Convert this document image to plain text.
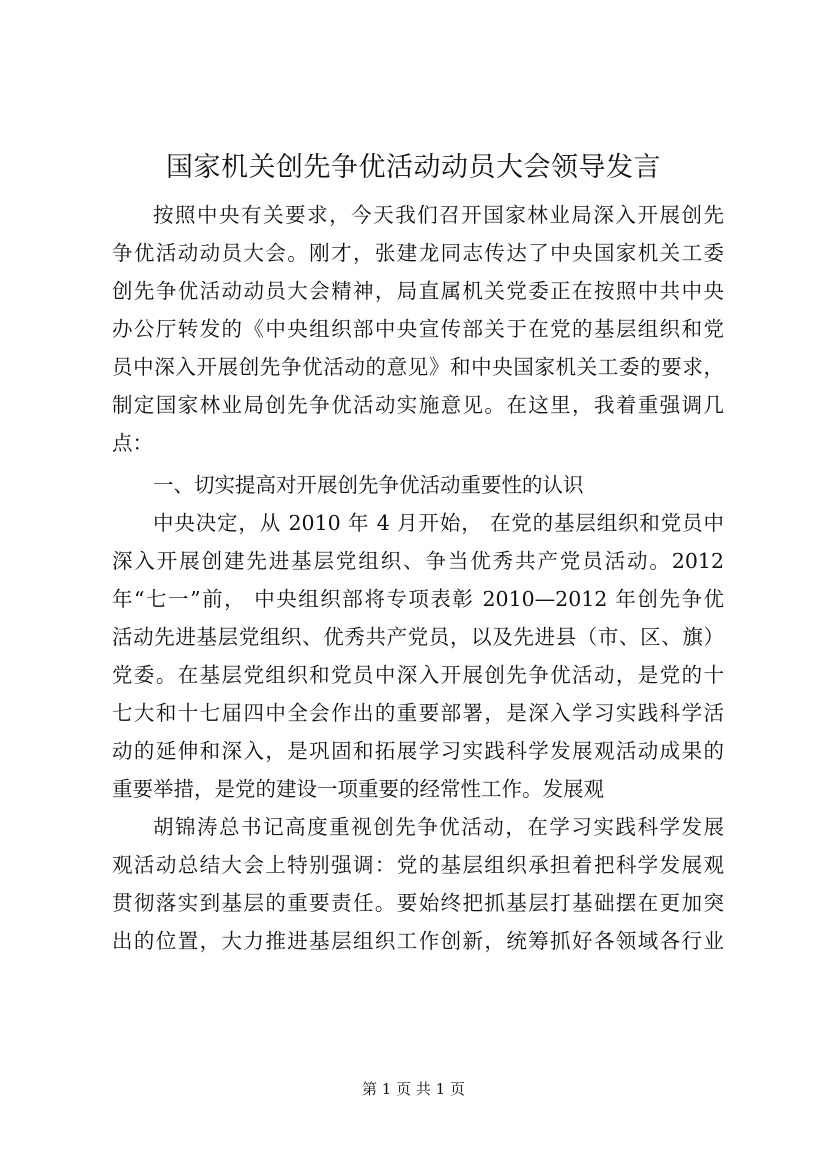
国家机关创先争优活动动员大会领导发言
按照中央有关要求，今天我们召开国家林业局深入开展创先
争优活动动员大会。刚才，张建龙同志传达了中央国家机关工委
创先争优活动动员大会精神，局直属机关党委正在按照中共中央
办公厅转发的《中央组织部中央宣传部关于在党的基层组织和党
员中深入开展创先争优活动的意见》和中央国家机关工委的要求，
制定国家林业局创先争优活动实施意见。在这里，我着重强调几
点：
一、切实提高对开展创先争优活动重要性的认识
中央决定，从 2010 年 4 月开始， 在党的基层组织和党员中
深入开展创建先进基层党组织、争当优秀共产党员活动。2012
年“七一”前， 中央组织部将专项表彰 2010—2012 年创先争优
活动先进基层党组织、优秀共产党员，以及先进县（市、区、旗）
党委。在基层党组织和党员中深入开展创先争优活动，是党的十
七大和十七届四中全会作出的重要部署，是深入学习实践科学活
动的延伸和深入，是巩固和拓展学习实践科学发展观活动成果的
重要举措，是党的建设一项重要的经常性工作。发展观
胡锦涛总书记高度重视创先争优活动，在学习实践科学发展
观活动总结大会上特别强调：党的基层组织承担着把科学发展观
贯彻落实到基层的重要责任。要始终把抓基层打基础摆在更加突
出的位置，大力推进基层组织工作创新，统筹抓好各领域各行业
第 1 页 共 1 页
